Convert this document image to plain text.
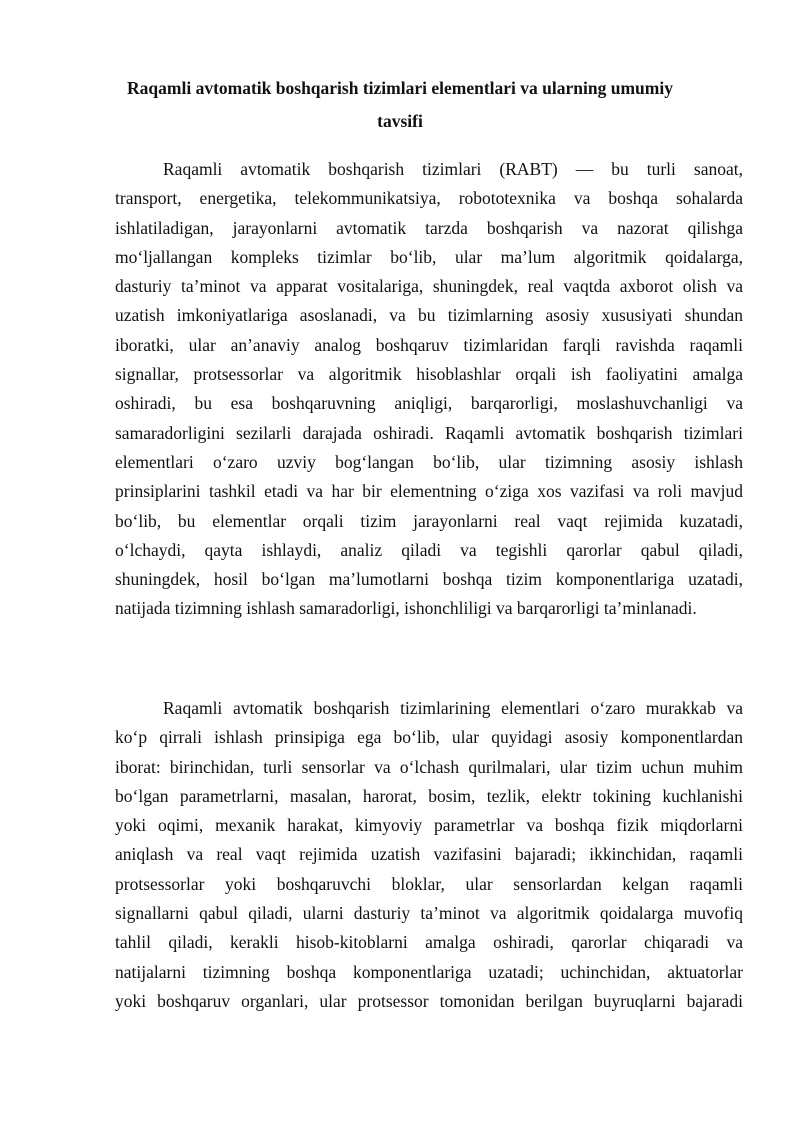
Raqamli avtomatik boshqarish tizimlari elementlari va ularning umumiy
tavsifi
Raqamli avtomatik boshqarish tizimlari (RABT) — bu turli sanoat,
transport, energetika, telekommunikatsiya, robototexnika va boshqa sohalarda
ishlatiladigan, jarayonlarni avtomatik tarzda boshqarish va nazorat qilishga
mo‘ljallangan kompleks tizimlar bo‘lib, ular ma’lum algoritmik qoidalarga,
dasturiy ta’minot va apparat vositalariga, shuningdek, real vaqtda axborot olish va
uzatish imkoniyatlariga asoslanadi, va bu tizimlarning asosiy xususiyati shundan
iboratki, ular an’anaviy analog boshqaruv tizimlaridan farqli ravishda raqamli
signallar, protsessorlar va algoritmik hisoblashlar orqali ish faoliyatini amalga
oshiradi, bu esa boshqaruvning aniqligi, barqarorligi, moslashuvchanligi va
samaradorligini sezilarli darajada oshiradi. Raqamli avtomatik boshqarish tizimlari
elementlari o‘zaro uzviy bog‘langan bo‘lib, ular tizimning asosiy ishlash
prinsiplarini tashkil etadi va har bir elementning o‘ziga xos vazifasi va roli mavjud
bo‘lib, bu elementlar orqali tizim jarayonlarni real vaqt rejimida kuzatadi,
o‘lchaydi, qayta ishlaydi, analiz qiladi va tegishli qarorlar qabul qiladi,
shuningdek, hosil bo‘lgan ma’lumotlarni boshqa tizim komponentlariga uzatadi,
natijada tizimning ishlash samaradorligi, ishonchliligi va barqarorligi ta’minlanadi.
Raqamli avtomatik boshqarish tizimlarining elementlari o‘zaro murakkab va
ko‘p qirrali ishlash prinsipiga ega bo‘lib, ular quyidagi asosiy komponentlardan
iborat: birinchidan, turli sensorlar va o‘lchash qurilmalari, ular tizim uchun muhim
bo‘lgan parametrlarni, masalan, harorat, bosim, tezlik, elektr tokining kuchlanishi
yoki oqimi, mexanik harakat, kimyoviy parametrlar va boshqa fizik miqdorlarni
aniqlash va real vaqt rejimida uzatish vazifasini bajaradi; ikkinchidan, raqamli
protsessorlar yoki boshqaruvchi bloklar, ular sensorlardan kelgan raqamli
signallarni qabul qiladi, ularni dasturiy ta’minot va algoritmik qoidalarga muvofiq
tahlil qiladi, kerakli hisob-kitoblarni amalga oshiradi, qarorlar chiqaradi va
natijalarni tizimning boshqa komponentlariga uzatadi; uchinchidan, aktuatorlar
yoki boshqaruv organlari, ular protsessor tomonidan berilgan buyruqlarni bajaradi
